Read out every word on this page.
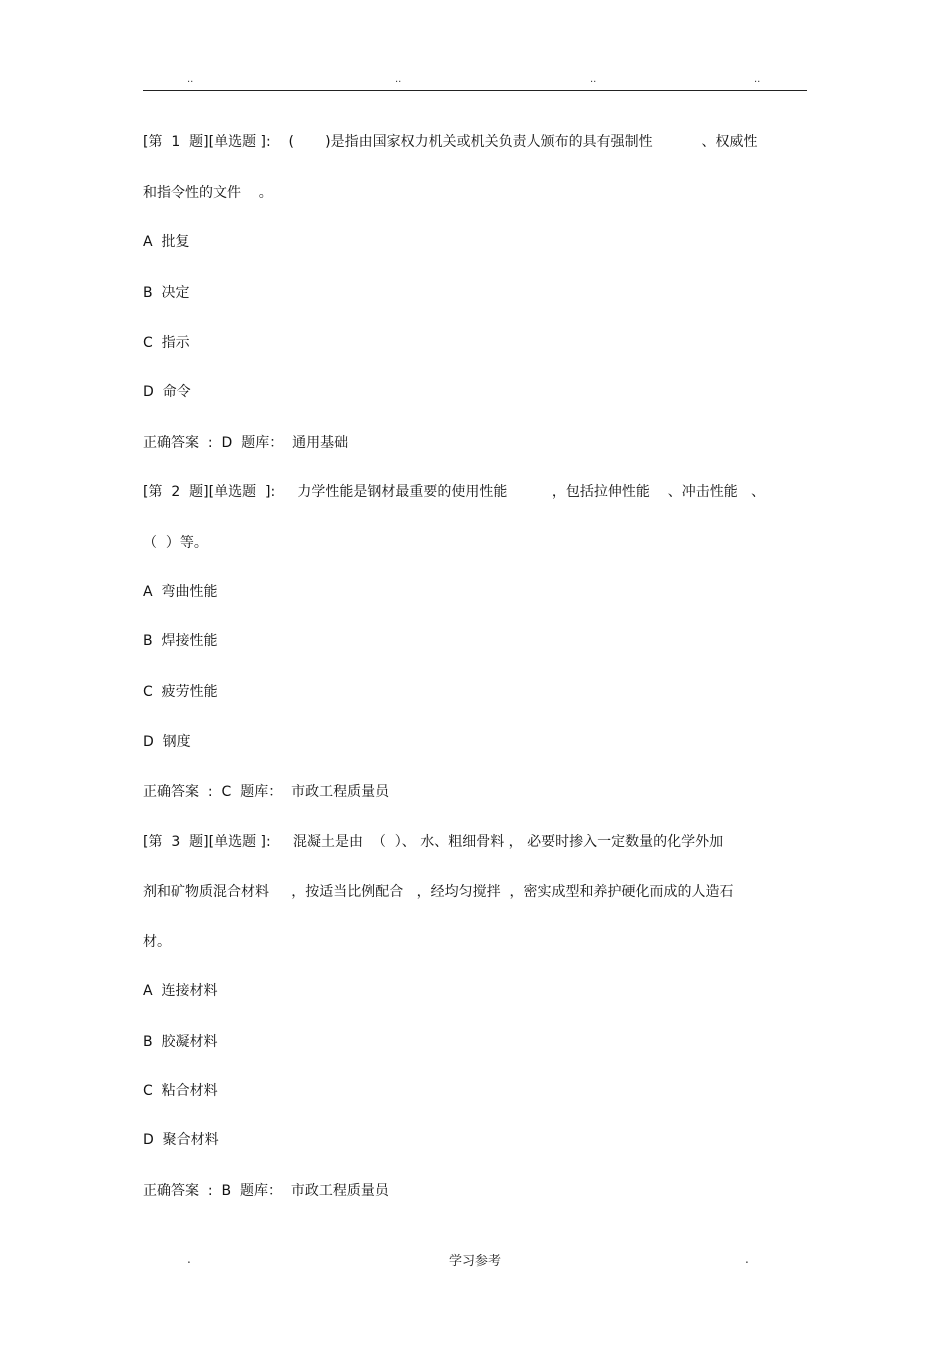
..	..	..	..
[第  1  题][单选题 ]:    (       )是指由国家权力机关或机关负责人颁布的具有强制性           、权威性
和指令性的文件    。
A  批复
B  决定
C  指示
D  命令
正确答案  :  D  题库：  通用基础
[第  2  题][单选题  ]:     力学性能是钢材最重要的使用性能          ，包括拉伸性能    、冲击性能   、
（  ）等。
A  弯曲性能
B  焊接性能
C  疲劳性能
D  钢度
正确答案  :  C  题库：  市政工程质量员
[第  3  题][单选题 ]:     混凝土是由  （  ）、 水、粗细骨料 ， 必要时掺入一定数量的化学外加
剂和矿物质混合材料     ，按适当比例配合   ，经均匀搅拌  ，密实成型和养护硬化而成的人造石
材。
A  连接材料
B  胶凝材料
C  粘合材料
D  聚合材料
正确答案  :  B  题库：  市政工程质量员
.	学习参考	.
